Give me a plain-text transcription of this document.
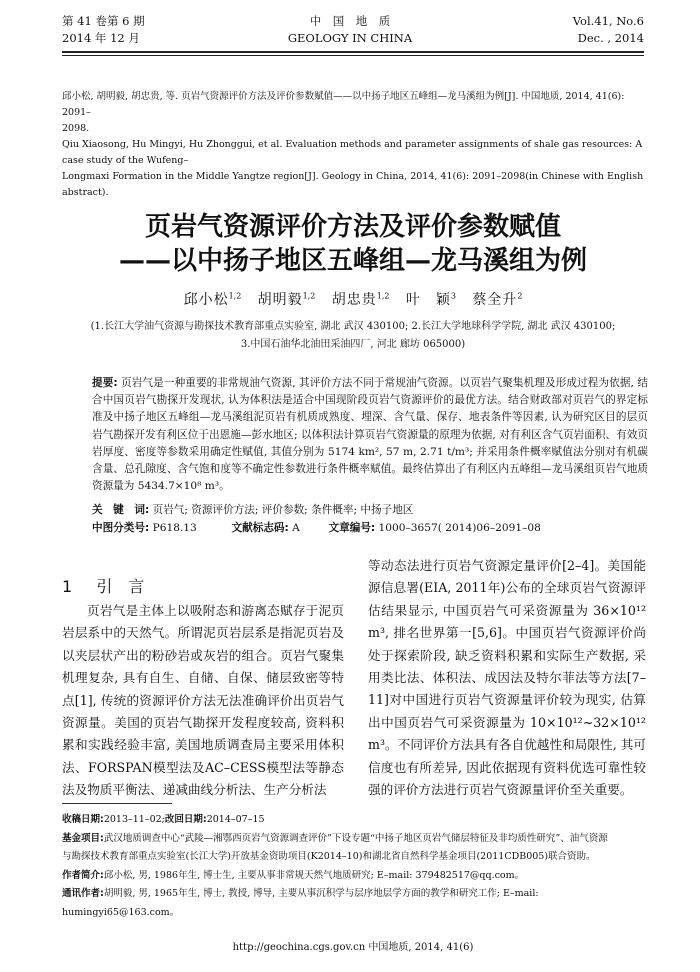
第 41 卷第 6 期
2014 年 12 月
中　国　地　质
GEOLOGY IN CHINA
Vol.41, No.6
Dec. , 2014
邱小松, 胡明毅, 胡忠贵, 等. 页岩气资源评价方法及评价参数赋值——以中扬子地区五峰组—龙马溪组为例[J]. 中国地质, 2014, 41(6): 2091–
2098.
Qiu Xiaosong, Hu Mingyi, Hu Zhonggui, et al. Evaluation methods and parameter assignments of shale gas resources: A case study of the Wufeng–
Longmaxi Formation in the Middle Yangtze region[J]. Geology in China, 2014, 41(6): 2091–2098(in Chinese with English abstract).
页岩气资源评价方法及评价参数赋值
——以中扬子地区五峰组—龙马溪组为例
邱小松$^{1,2}$ 胡明毅$^{1,2}$ 胡忠贵$^{1,2}$ 叶　颖$^3$ 蔡全升$^2$
(1.长江大学油气资源与勘探技术教育部重点实验室, 湖北 武汉 430100; 2.长江大学地球科学学院, 湖北 武汉 430100;
3.中国石油华北油田采油四厂, 河北 廊坊 065000)
提要: 页岩气是一种重要的非常规油气资源, 其评价方法不同于常规油气资源。以页岩气聚集机理及形成过程为依据, 结合中国页岩气勘探开发现状, 认为体积法是适合中国现阶段页岩气资源评价的最优方法。结合财政部对页岩气的界定标准及中扬子地区五峰组—龙马溪组泥页岩有机质成熟度、埋深、含气量、保存、地表条件等因素, 认为研究区目的层页岩气勘探开发有利区位于出恩施—彭水地区; 以体积法计算页岩气资源量的原理为依据, 对有利区含气页岩面积、有效页岩厚度、密度等参数采用确定性赋值, 其值分别为 5174 km², 57 m, 2.71 t/m³; 并采用条件概率赋值法分别对有机碳含量、总孔隙度、含气饱和度等不确定性参数进行条件概率赋值。最终估算出了有利区内五峰组—龙马溪组页岩气地质资源量为 5434.7×10⁸ m³。
关　键　词: 页岩气; 资源评价方法; 评价参数; 条件概率; 中扬子地区
中图分类号: P618.13	文献标志码: A	文章编号: 1000–3657( 2014)06–2091–08
1 引　言

页岩气是主体上以吸附态和游离态赋存于泥页岩层系中的天然气。所谓泥页岩层系是指泥页岩及以夹层状产出的粉砂岩或灰岩的组合。页岩气聚集机理复杂, 具有自生、自储、自保、储层致密等特点[1], 传统的资源评价方法无法准确评价出页岩气资源量。美国的页岩气勘探开发程度较高, 资料积累和实践经验丰富, 美国地质调查局主要采用体积法、FORSPAN模型法及AC–CESS模型法等静态法及物质平衡法、递减曲线分析法、生产分析法

等动态法进行页岩气资源定量评价[2–4]。美国能源信息署(EIA, 2011年)公布的全球页岩气资源评估结果显示, 中国页岩气可采资源量为 36×10¹² m³, 排名世界第一[5,6]。中国页岩气资源评价尚处于探索阶段, 缺乏资料积累和实际生产数据, 采用类比法、体积法、成因法及特尔菲法等方法[7–11]对中国进行页岩气资源量评价较为现实, 估算出中国页岩气可采资源量为 10×10¹²~32×10¹² m³。不同评价方法具有各自优越性和局限性, 其可信度也有所差异, 因此依据现有资料优选可靠性较强的评价方法进行页岩气资源量评价至关重要。

收稿日期:2013–11–02;改回日期:2014–07–15
基金项目:武汉地质调查中心“武陵—湘鄂西页岩气资源调查评价”下设专题“中扬子地区页岩气储层特征及非均质性研究”、油气资源
与勘探技术教育部重点实验室(长江大学)开放基金资助项目(K2014–10)和湖北省自然科学基金项目(2011CDB005)联合资助。
作者简介:邱小松, 男, 1986年生, 博士生, 主要从事非常规天然气地质研究; E–mail: 379482517@qq.com。
通讯作者:胡明毅, 男, 1965年生, 博士, 教授, 博导, 主要从事沉积学与层序地层学方面的教学和研究工作; E–mail: humingyi65@163.com。
http://geochina.cgs.gov.cn 中国地质, 2014, 41(6)
